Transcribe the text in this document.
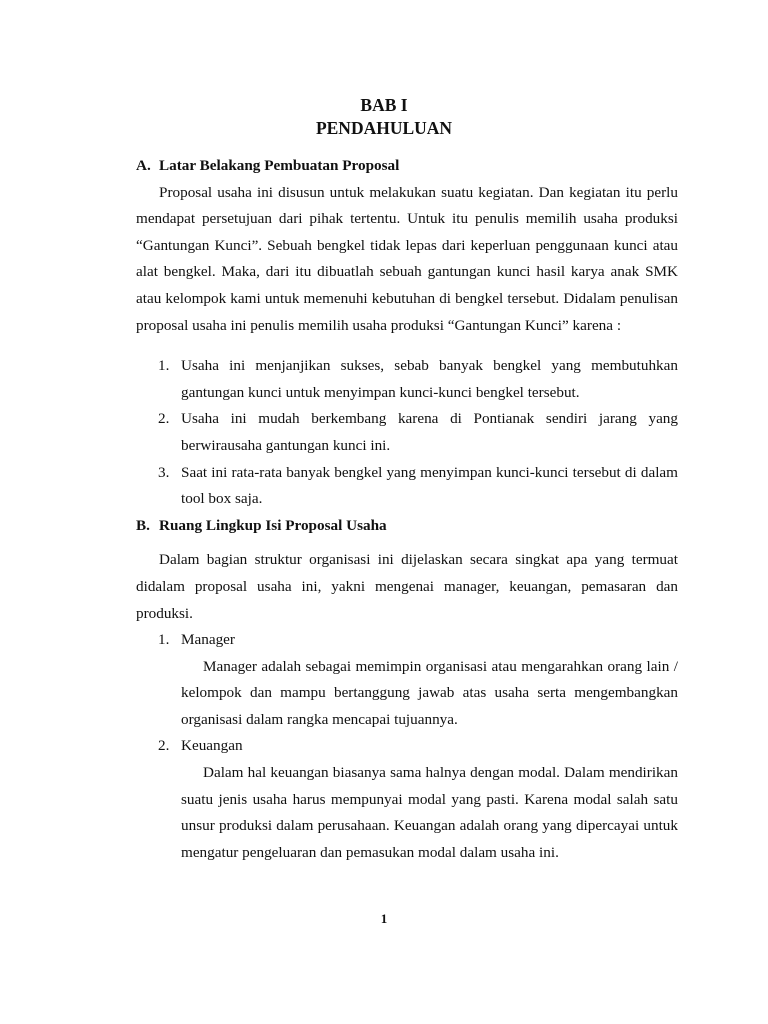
BAB I
PENDAHULUAN
A. Latar Belakang Pembuatan Proposal

Proposal usaha ini disusun untuk melakukan suatu kegiatan. Dan kegiatan itu perlu mendapat persetujuan dari pihak tertentu. Untuk itu penulis memilih usaha produksi “Gantungan Kunci”. Sebuah bengkel tidak lepas dari keperluan penggunaan kunci atau alat bengkel. Maka, dari itu dibuatlah sebuah gantungan kunci hasil karya anak SMK atau kelompok kami untuk memenuhi kebutuhan di bengkel tersebut. Didalam penulisan proposal usaha ini penulis memilih usaha produksi “Gantungan Kunci” karena :

1. Usaha ini menjanjikan sukses, sebab banyak bengkel yang membutuhkan gantungan kunci untuk menyimpan kunci-kunci bengkel tersebut.
2. Usaha ini mudah berkembang karena di Pontianak sendiri jarang yang berwirausaha gantungan kunci ini.
3. Saat ini rata-rata banyak bengkel yang menyimpan kunci-kunci tersebut di dalam tool box saja.
B. Ruang Lingkup Isi Proposal Usaha

Dalam bagian struktur organisasi ini dijelaskan secara singkat apa yang termuat didalam proposal usaha ini, yakni mengenai manager, keuangan, pemasaran dan produksi.

1. Manager

Manager adalah sebagai memimpin organisasi atau mengarahkan orang lain / kelompok dan mampu bertanggung jawab atas usaha serta mengembangkan organisasi dalam rangka mencapai tujuannya.

2. Keuangan

Dalam hal keuangan biasanya sama halnya dengan modal. Dalam mendirikan suatu jenis usaha harus mempunyai modal yang pasti. Karena modal salah satu unsur produksi dalam perusahaan. Keuangan adalah orang yang dipercayai untuk mengatur pengeluaran dan pemasukan modal dalam usaha ini.

1
